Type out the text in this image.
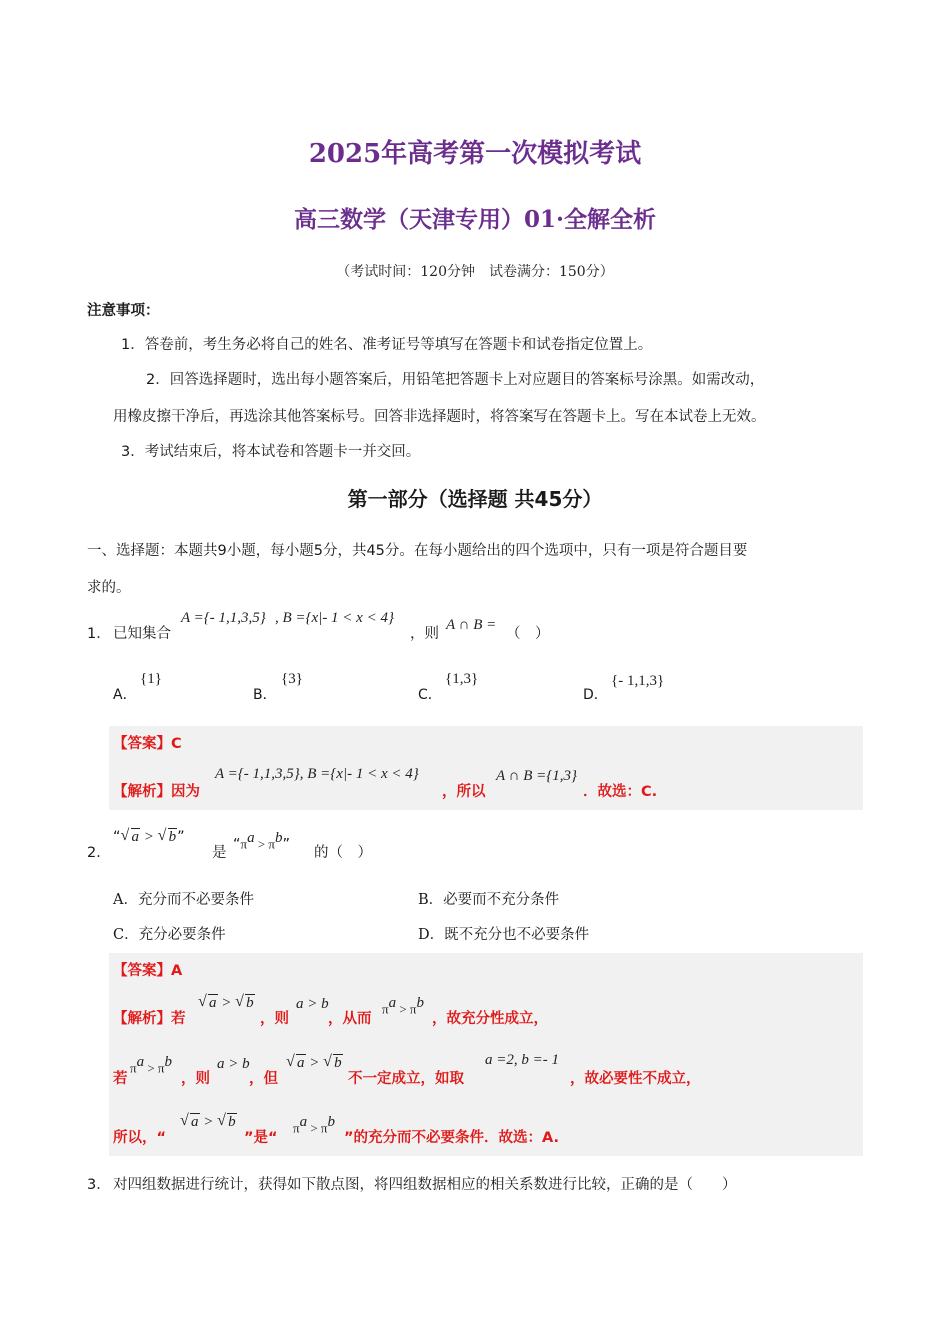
2025年高考第一次模拟考试
高三数学（天津专用）01·全解全析
（考试时间：120分钟　试卷满分：150分）
注意事项：
1．答卷前，考生务必将自己的姓名、准考证号等填写在答题卡和试卷指定位置上。
2．回答选择题时，选出每小题答案后，用铅笔把答题卡上对应题目的答案标号涂黑。如需改动，
用橡皮擦干净后，再选涂其他答案标号。回答非选择题时，将答案写在答题卡上。写在本试卷上无效。
3．考试结束后，将本试卷和答题卡一并交回。
第一部分（选择题 共45分）
一、选择题：本题共9小题，每小题5分，共45分。在每小题给出的四个选项中，只有一项是符合题目要
求的。
1． 已知集合
A ={- 1,1,3,5} , B ={x|- 1 < x < 4}
，则
A ∩ B =
（　）
A．
{1}
B．
{3}
C．
{1,3}
D．
{- 1,1,3}
【答案】C
【解析】因为
A ={- 1,1,3,5}, B ={x|- 1 < x < 4}
，所以
A ∩ B ={1,3}
．故选：C.
2．
“√ a > √ b”
是
“$\pi^a > \pi^b$”
的（　）
A．充分而不必要条件	B．必要而不充分条件
C．充分必要条件	D．既不充分也不必要条件
【答案】A
【解析】若
√ a > √ b
，则
a > b
，从而
$\pi^a > \pi^b$
，故充分性成立，
若
$\pi^a > \pi^b$
，则
a > b
，但
√ a > √ b
不一定成立，如取
a =2, b =- 1
，故必要性不成立，
所以，“
√ a > √ b
”是“
$\pi^a > \pi^b$
”的充分而不必要条件．故选：A.
3． 对四组数据进行统计，获得如下散点图，将四组数据相应的相关系数进行比较，正确的是（　　）
